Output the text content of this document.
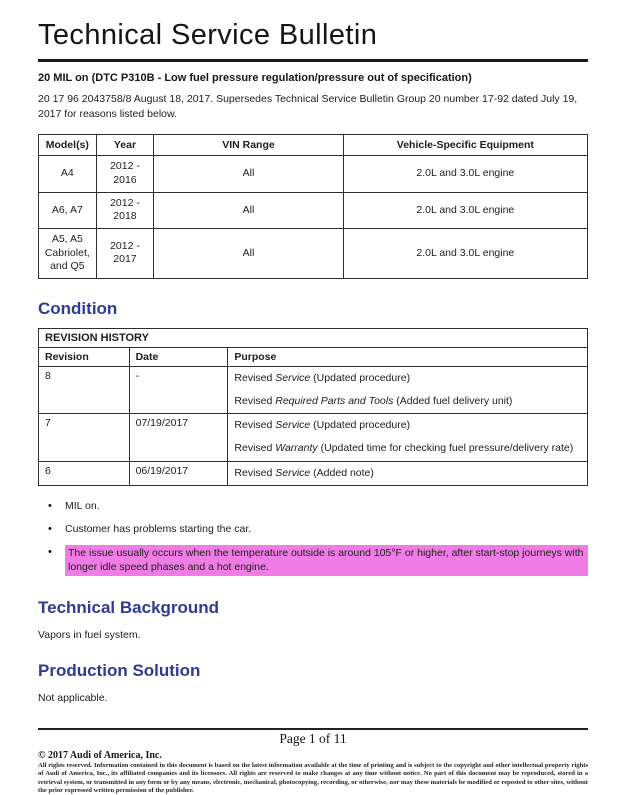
Technical Service Bulletin
20 MIL on (DTC P310B - Low fuel pressure regulation/pressure out of specification)
20 17 96 2043758/8 August 18, 2017. Supersedes Technical Service Bulletin Group 20 number 17-92 dated July 19, 2017 for reasons listed below.
Model(s)	Year	VIN Range	Vehicle-Specific Equipment
A4	2012 - 2016	All	2.0L and 3.0L engine
A6, A7	2012 - 2018	All	2.0L and 3.0L engine
A5, A5 Cabriolet, and Q5	2012 - 2017	All	2.0L and 3.0L engine
Condition
REVISION HISTORY		
Revision	Date	Purpose
8	-	Revised Service (Updated procedure)
Revised Required Parts and Tools (Added fuel delivery unit)

7	07/19/2017	Revised Service (Updated procedure)
Revised Warranty (Updated time for checking fuel pressure/delivery rate)

6	06/19/2017	Revised Service (Added note)
•	MIL on.
•	Customer has problems starting the car.
•	The issue usually occurs when the temperature outside is around 105°F or higher, after start-stop journeys with longer idle speed phases and a hot engine.
Technical Background
Vapors in fuel system.
Production Solution
Not applicable.
Page 1 of 11
© 2017 Audi of America, Inc.
All rights reserved. Information contained in this document is based on the latest information available at the time of printing and is subject to the copyright and other intellectual property rights of Audi of America, Inc., its affiliated companies and its licensors. All rights are reserved to make changes at any time without notice. No part of this document may be reproduced, stored in a retrieval system, or transmitted in any form or by any means, electronic, mechanical, photocopying, recording, or otherwise, nor may these materials be modified or reposted to other sites, without the prior expressed written permission of the publisher.
